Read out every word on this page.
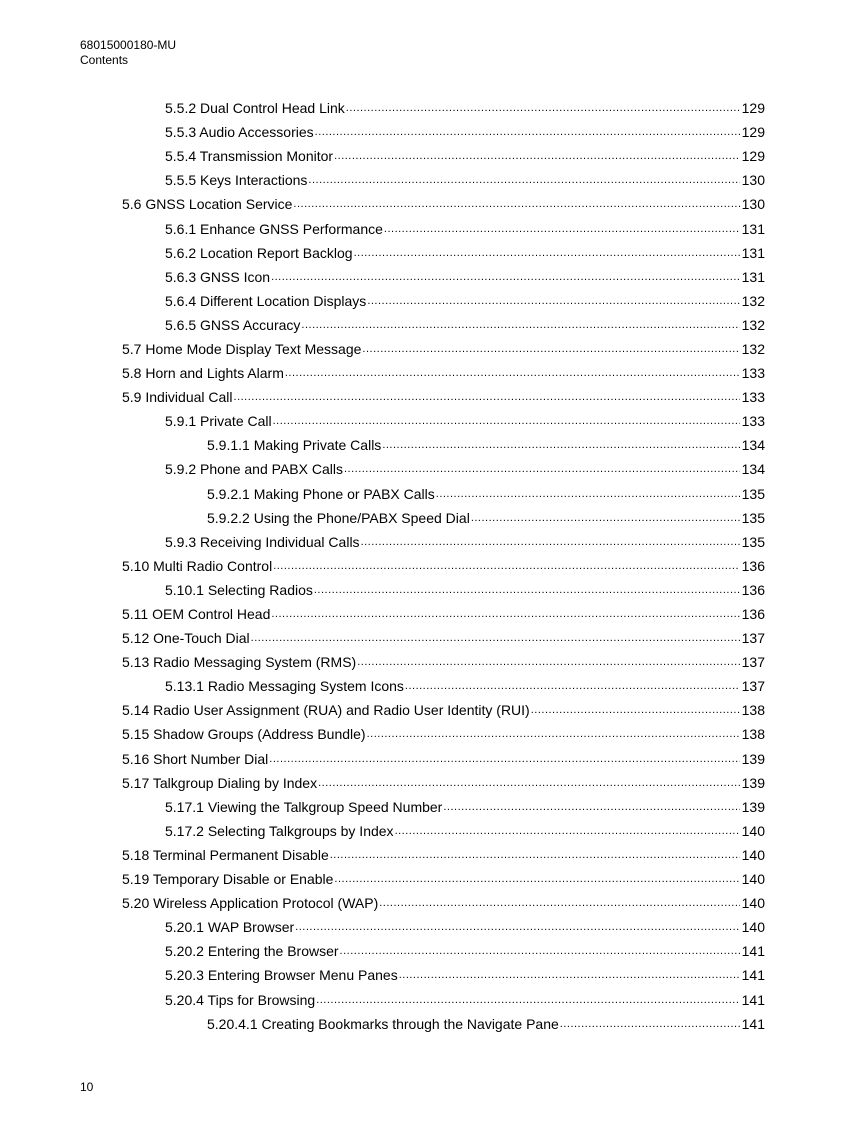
68015000180-MU
Contents
5.5.2 Dual Control Head Link .....	129
5.5.3 Audio Accessories .....	129
5.5.4 Transmission Monitor .....	129
5.5.5 Keys Interactions .....	130
5.6 GNSS Location Service .....	130
5.6.1 Enhance GNSS Performance .....	131
5.6.2 Location Report Backlog .....	131
5.6.3 GNSS Icon .....	131
5.6.4 Different Location Displays .....	132
5.6.5 GNSS Accuracy .....	132
5.7 Home Mode Display Text Message .....	132
5.8 Horn and Lights Alarm .....	133
5.9 Individual Call .....	133
5.9.1 Private Call .....	133
5.9.1.1 Making Private Calls .....	134
5.9.2 Phone and PABX Calls .....	134
5.9.2.1 Making Phone or PABX Calls .....	135
5.9.2.2 Using the Phone/PABX Speed Dial .....	135
5.9.3 Receiving Individual Calls .....	135
5.10 Multi Radio Control .....	136
5.10.1 Selecting Radios .....	136
5.11 OEM Control Head .....	136
5.12 One-Touch Dial .....	137
5.13 Radio Messaging System (RMS) .....	137
5.13.1 Radio Messaging System Icons .....	137
5.14 Radio User Assignment (RUA) and Radio User Identity (RUI) .....	138
5.15 Shadow Groups (Address Bundle) .....	138
5.16 Short Number Dial .....	139
5.17 Talkgroup Dialing by Index .....	139
5.17.1 Viewing the Talkgroup Speed Number .....	139
5.17.2 Selecting Talkgroups by Index .....	140
5.18 Terminal Permanent Disable .....	140
5.19 Temporary Disable or Enable .....	140
5.20 Wireless Application Protocol (WAP) .....	140
5.20.1 WAP Browser .....	140
5.20.2 Entering the Browser .....	141
5.20.3 Entering Browser Menu Panes .....	141
5.20.4 Tips for Browsing .....	141
5.20.4.1 Creating Bookmarks through the Navigate Pane .....	141
10
